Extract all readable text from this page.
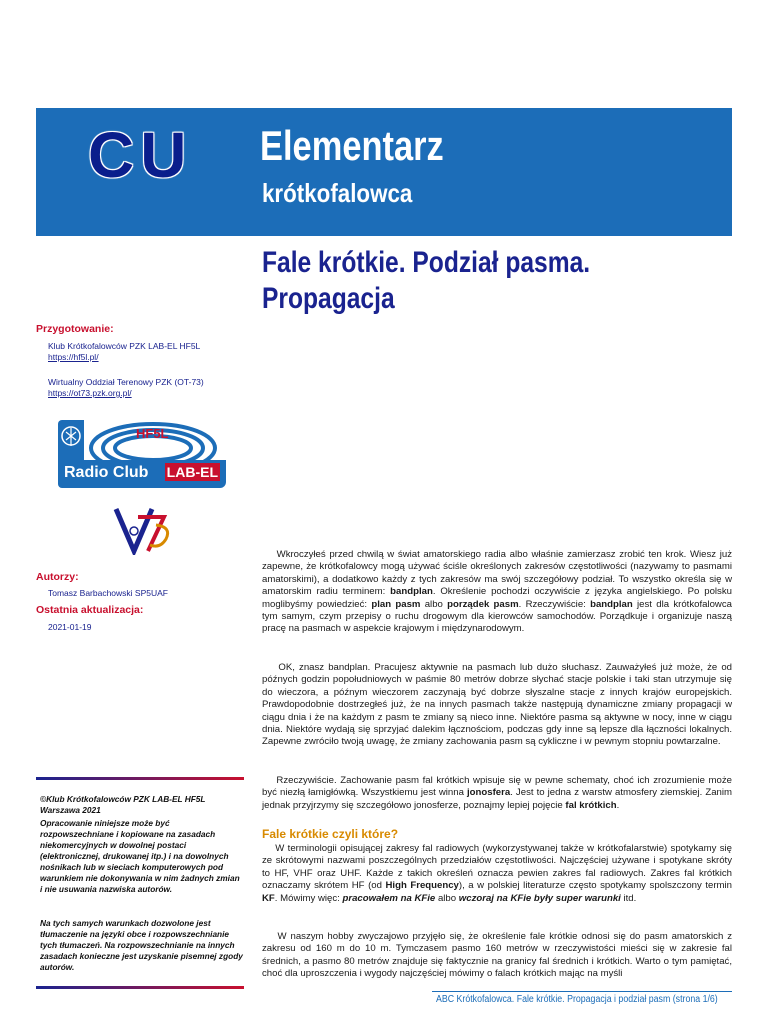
CU Elementarz
krótkofalowca
Fale krótkie. Podział pasma.
Propagacja
Przygotowanie:
Klub Krótkofalowców PZK LAB-EL HF5L
https://hf5l.pl/
Wirtualny Oddział Terenowy PZK (OT-73)
https://ot73.pzk.org.pl/
HF5L
Radio Club LAB-EL
Autorzy:
Tomasz Barbachowski SP5UAF
Ostatnia aktualizacja:
2021-01-19
©Klub Krótkofalowców PZK LAB-EL HF5L Warszawa 2021
Opracowanie niniejsze może być rozpowszechniane i kopiowane na zasadach niekomercyjnych w dowolnej postaci (elektronicznej, drukowanej itp.) i na dowolnych nośnikach lub w sieciach komputerowych pod warunkiem nie dokonywania w nim żadnych zmian i nie usuwania nazwiska autorów.
Na tych samych warunkach dozwolone jest tłumaczenie na języki obce i rozpowszechnianie tych tłumaczeń. Na rozpowszechnianie na innych zasadach konieczne jest uzyskanie pisemnej zgody autorów.
Wkroczyłeś przed chwilą w świat amatorskiego radia albo właśnie zamierzasz zrobić ten krok. Wiesz już zapewne, że krótkofalowcy mogą używać ściśle określonych zakresów częstotliwości (nazywamy to pasmami amatorskimi), a dodatkowo każdy z tych zakresów ma swój szczegółowy podział. To wszystko określa się w amatorskim radiu terminem: bandplan. Określenie pochodzi oczywiście z języka angielskiego. Po polsku moglibyśmy powiedzieć: plan pasm albo porządek pasm. Rzeczywiście: bandplan jest dla krótkofalowca tym samym, czym przepisy o ruchu drogowym dla kierowców samochodów. Porządkuje i organizuje naszą pracę na pasmach w aspekcie krajowym i międzynarodowym.
OK, znasz bandplan. Pracujesz aktywnie na pasmach lub dużo słuchasz. Zauważyłeś już może, że od późnych godzin popołudniowych w paśmie 80 metrów dobrze słychać stacje polskie i taki stan utrzymuje się do wieczora, a późnym wieczorem zaczynają być dobrze słyszalne stacje z innych krajów europejskich. Prawdopodobnie dostrzegłeś już, że na innych pasmach także następują dynamiczne zmiany propagacji w ciągu dnia i że na każdym z pasm te zmiany są nieco inne. Niektóre pasma są aktywne w nocy, inne w ciągu dnia. Niektóre wydają się sprzyjać dalekim łącznościom, podczas gdy inne są lepsze dla łączności lokalnych. Zapewne zwróciło twoją uwagę, że zmiany zachowania pasm są cykliczne i w pewnym stopniu powtarzalne.
Rzeczywiście. Zachowanie pasm fal krótkich wpisuje się w pewne schematy, choć ich zrozumienie może być niezłą łamigłówką. Wszystkiemu jest winna jonosfera. Jest to jedna z warstw atmosfery ziemskiej. Zanim jednak przyjrzymy się szczegółowo jonosferze, poznajmy lepiej pojęcie fal krótkich.
Fale krótkie czyli które?
W terminologii opisującej zakresy fal radiowych (wykorzystywanej także w krótkofalarstwie) spotykamy się ze skrótowymi nazwami poszczególnych przedziałów częstotliwości. Najczęściej używane i spotykane skróty to HF, VHF oraz UHF. Każde z takich określeń oznacza pewien zakres fal radiowych. Zakres fal krótkich oznaczamy skrótem HF (od High Frequency), a w polskiej literaturze często spotykamy spolszczony termin KF. Mówimy więc: pracowałem na KFie albo wczoraj na KFie były super warunki itd.
W naszym hobby zwyczajowo przyjęło się, że określenie fale krótkie odnosi się do pasm amatorskich z zakresu od 160 m do 10 m. Tymczasem pasmo 160 metrów w rzeczywistości mieści się w zakresie fal średnich, a pasmo 80 metrów znajduje się faktycznie na granicy fal średnich i krótkich. Warto o tym pamiętać, choć dla uproszczenia i wygody najczęściej mówimy o falach krótkich mając na myśli
ABC Krótkofalowca. Fale krótkie. Propagacja i podział pasm (strona 1/6)
